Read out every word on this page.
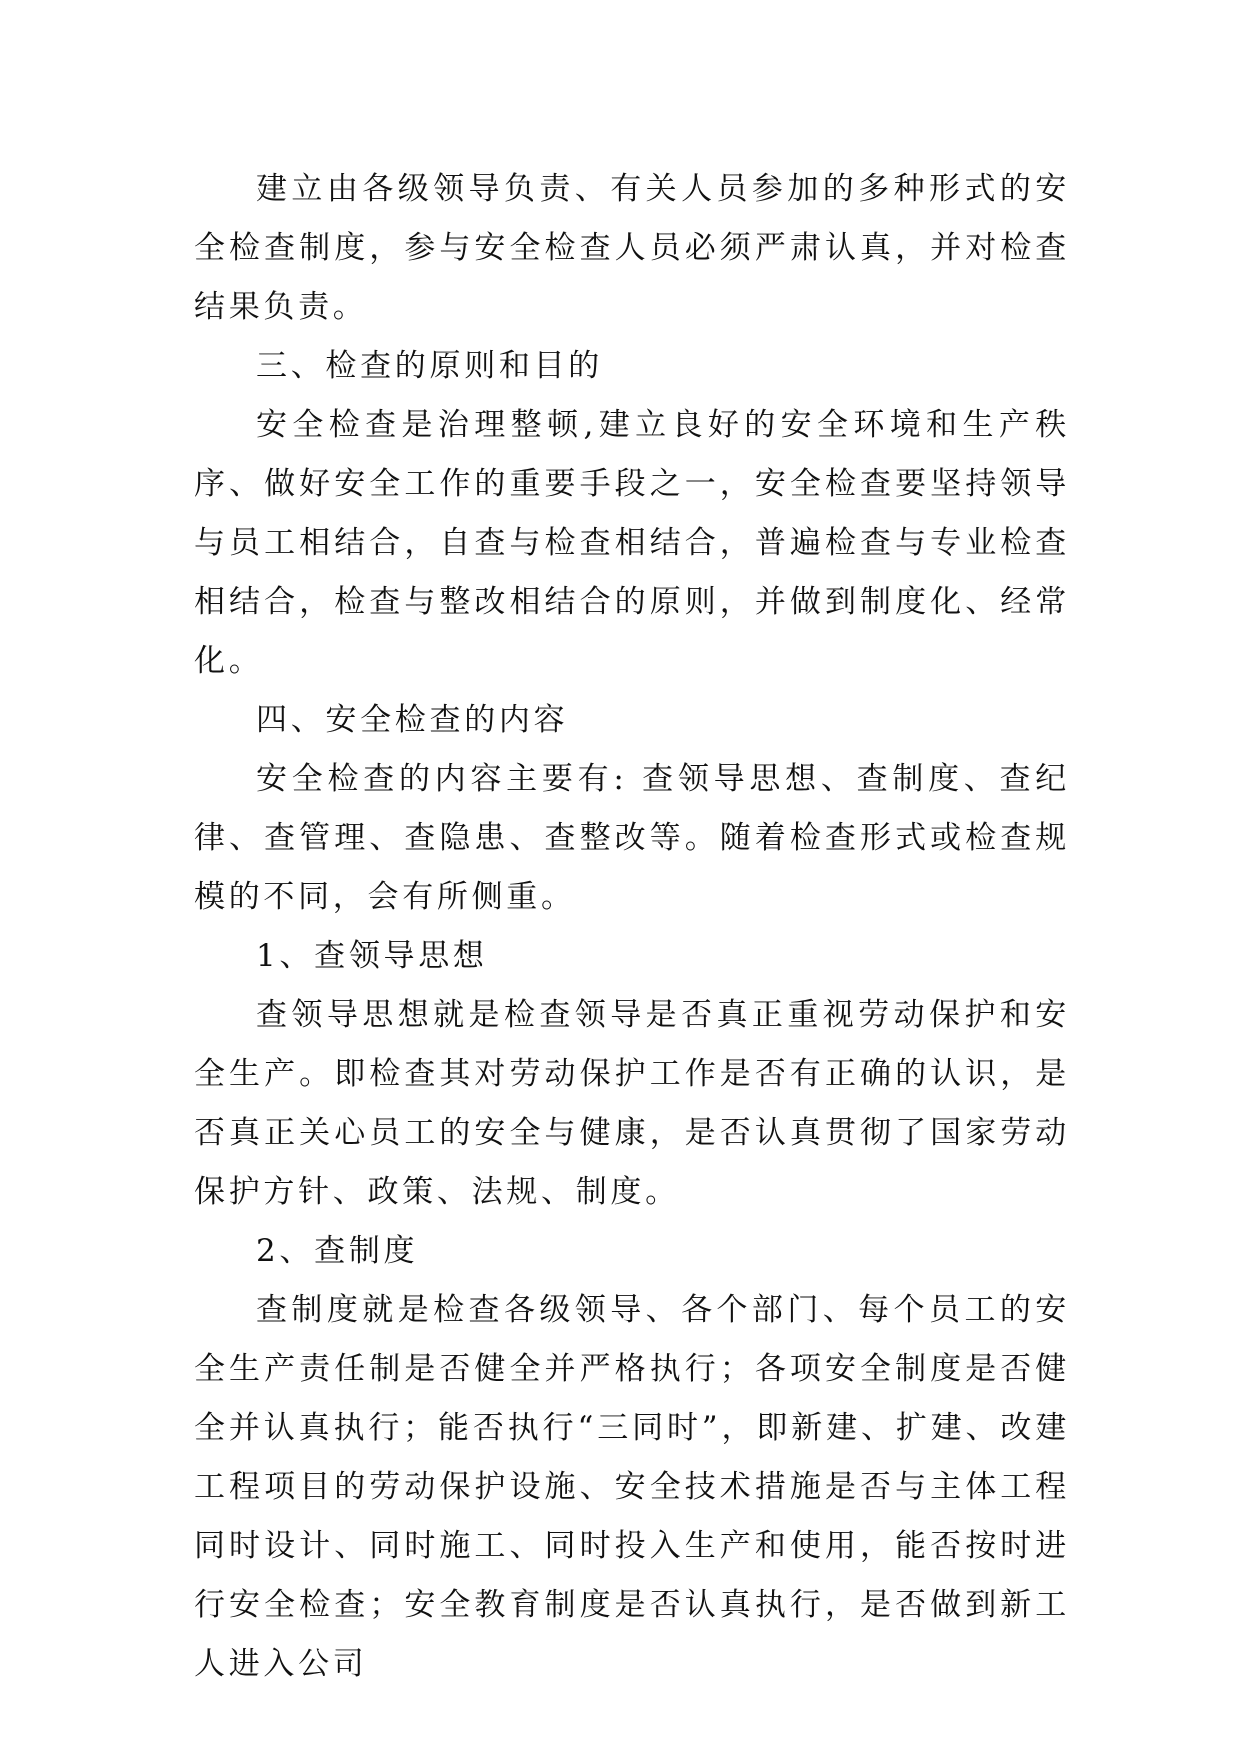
建立由各级领导负责、有关人员参加的多种形式的安全检查制度，参与安全检查人员必须严肃认真，并对检查结果负责。

三、检查的原则和目的

安全检查是治理整顿,建立良好的安全环境和生产秩序、做好安全工作的重要手段之一，安全检查要坚持领导与员工相结合，自查与检查相结合，普遍检查与专业检查相结合，检查与整改相结合的原则，并做到制度化、经常化。

四、安全检查的内容

安全检查的内容主要有: 查领导思想、查制度、查纪律、查管理、查隐患、查整改等。随着检查形式或检查规模的不同，会有所侧重。

1、查领导思想

查领导思想就是检查领导是否真正重视劳动保护和安全生产。即检查其对劳动保护工作是否有正确的认识，是否真正关心员工的安全与健康，是否认真贯彻了国家劳动保护方针、政策、法规、制度。

2、查制度

查制度就是检查各级领导、各个部门、每个员工的安全生产责任制是否健全并严格执行；各项安全制度是否健全并认真执行；能否执行“三同时”，即新建、扩建、改建工程项目的劳动保护设施、安全技术措施是否与主体工程同时设计、同时施工、同时投入生产和使用，能否按时进行安全检查；安全教育制度是否认真执行，是否做到新工人进入公司
